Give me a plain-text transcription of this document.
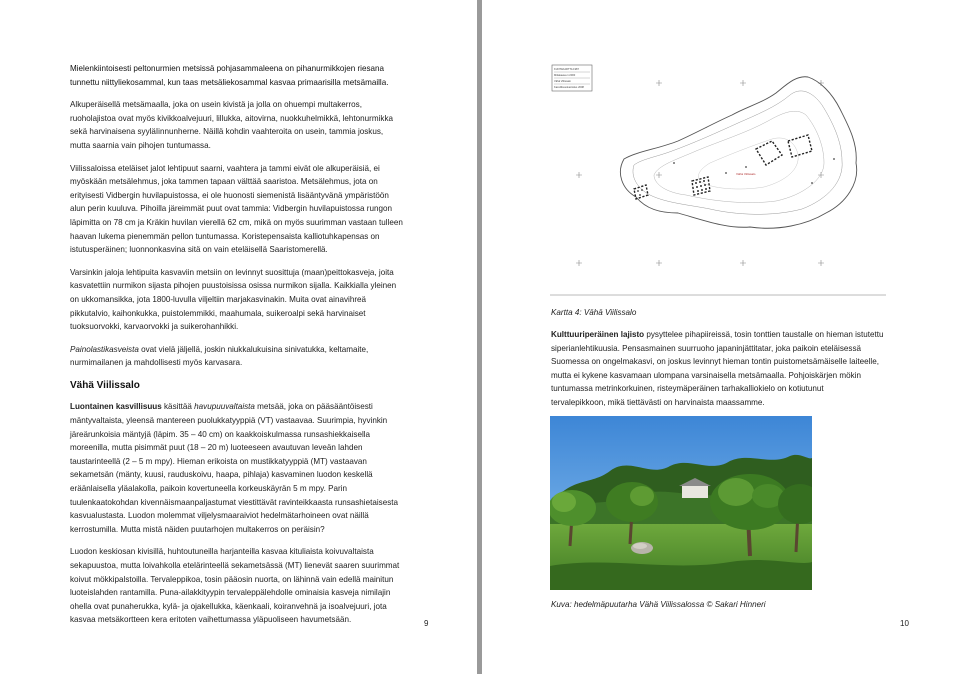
Mielenkiintoisesti peltonurmien metsissä pohjasammaleena on pihanurmikkojen riesana
tunnettu niittyliekosammal, kun taas metsäliekosammal kasvaa primaarisilla metsämailla.

Alkuperäisellä metsämaalla, joka on usein kivistä ja jolla on ohuempi multakerros,
ruoholajistoa ovat myös kivikkoalvejuuri, lillukka, aitovirna, nuokkuhelmikkä, lehtonurmikka
sekä harvinaisena syyläIinnunherne. Näillä kohdin vaahteroita on usein, tammia joskus,
mutta saarnia vain pihojen tuntumassa.

Viilissaloissa eteläiset jalot lehtipuut saarni, vaahtera ja tammi eivät ole alkuperäisiä, ei
myöskään metsälehmus, joka tammen tapaan välttää saaristoa. Metsälehmus, jota on
erityisesti Vidbergin huvilapuistossa, ei ole huonosti siemenistä lisääntyvänä ympäristöön
alun perin kuuluva. Pihoilla järeimmät puut ovat tammia: Vidbergin huvilapuistossa rungon
läpimitta on 78 cm ja Kräkin huvilan vierellä 62 cm, mikä on myös suurimman vastaan tulleen
haavan lukema pienemmän pellon tuntumassa. Koristepensaista kalliotuhkapensas on
istutusperäinen; luonnonkasvina sitä on vain eteläisellä Saaristomerellä.

Varsinkin jaloja lehtipuita kasvaviin metsiin on levinnyt suosittuja (maan)peittokasveja, joita
kasvatettiin nurmikon sijasta pihojen puustoisissa osissa nurmikon sijalla. Kaikkialla yleinen
on ukkomansikka, jota 1800-luvulla viljeltiin marjakasvinakin. Muita ovat ainavihreä
pikkutalvio, kaihonkukka, puistolemmikki, maahumala, suikeroalpi sekä harvinaiset
tuoksuorvokki, karvaorvokki ja suikerohanhikki.

Painolastikasveista ovat vielä jäljellä, joskin niukkalukuisina sinivatukka, keltamaite,
nurmimailanen ja mahdollisesti myös karvasara.

Vähä Viilissalo

Luontainen kasvillisuus käsittää havupuuvaltaista metsää, joka on pääsääntöisesti
mäntyvaltaista, yleensä mantereen puolukkatyyppiä (VT) vastaavaa. Suurimpia, hyvinkin
järeärunkoisia mäntyjä (läpim. 35 – 40 cm) on kaakkoiskulmassa runsashiekkaisella
moreenilla, mutta pisimmät puut (18 – 20 m) luoteeseen avautuvan leveän lahden
taustarinteellä (2 – 5 m mpy). Hieman erikoista on mustikkatyyppiä (MT) vastaavan
sekametsän (mänty, kuusi, rauduskoivu, haapa, pihlaja) kasvaminen luodon keskellä
eräänlaisella yläalakolla, paikoin kovertuneella korkeuskäyrän 5 m mpy. Parin
tuulenkaatokohdan kivennäismaanpaljastumat viestittävät ravinteikkaasta runsashietaisesta
kasvualustasta. Luodon molemmat viljelysmaaraiviot hedelmätarhoineen ovat näillä
kerrostumilla. Mutta mistä näiden puutarhojen multakerros on peräisin?

Luodon keskiosan kivisillä, huhtoutuneilla harjanteilla kasvaa kituliaista koivuvaltaista
sekapuustoa, mutta loivahkolla etelärinteellä sekametsässä (MT) lienevät saaren suurimmat
koivut mökkipalstoilla. Tervaleppikoa, tosin pääosin nuorta, on lähinnä vain edellä mainitun
luoteislahden rantamilla. Puna-ailakkityypin tervaleppälehdolle ominaisia kasveja nimilajin
ohella ovat punaherukka, kylä- ja ojakellukka, käenkaali, koiranvehnä ja isoalvejuuri, jota
kasvaa metsäkortteen kera eritoten vaihettumassa yläpuoliseen havumetsään.	9
KUNTAKARTTA 1987
Mittakaava 1:2000
Vähä Viilissalo
Kasvillisuuskartoitus 2008
Vähä Viilissalo
Kartta 4: Vähä Viilissalo

Kulttuuriperäinen lajisto pysyttelee pihapiireissä, tosin tonttien taustalle on hieman istutettu
siperianlehtikuusia. Pensasmainen suurruoho japaninjättitatar, joka paikoin eteläisessä
Suomessa on ongelmakasvi, on joskus levinnyt hieman tontin puistometsämäiselle laiteelle,
mutta ei kykene kasvamaan ulompana varsinaisella metsämaalla. Pohjoiskärjen mökin
tuntumassa metrinkorkuinen, risteymäperäinen tarhakalliokielo on kotiutunut
tervalepikkoon, mikä tiettävästi on harvinaista maassamme.

Kuva: hedelmäpuutarha Vähä Viilissalossa © Sakari Hinneri
10
